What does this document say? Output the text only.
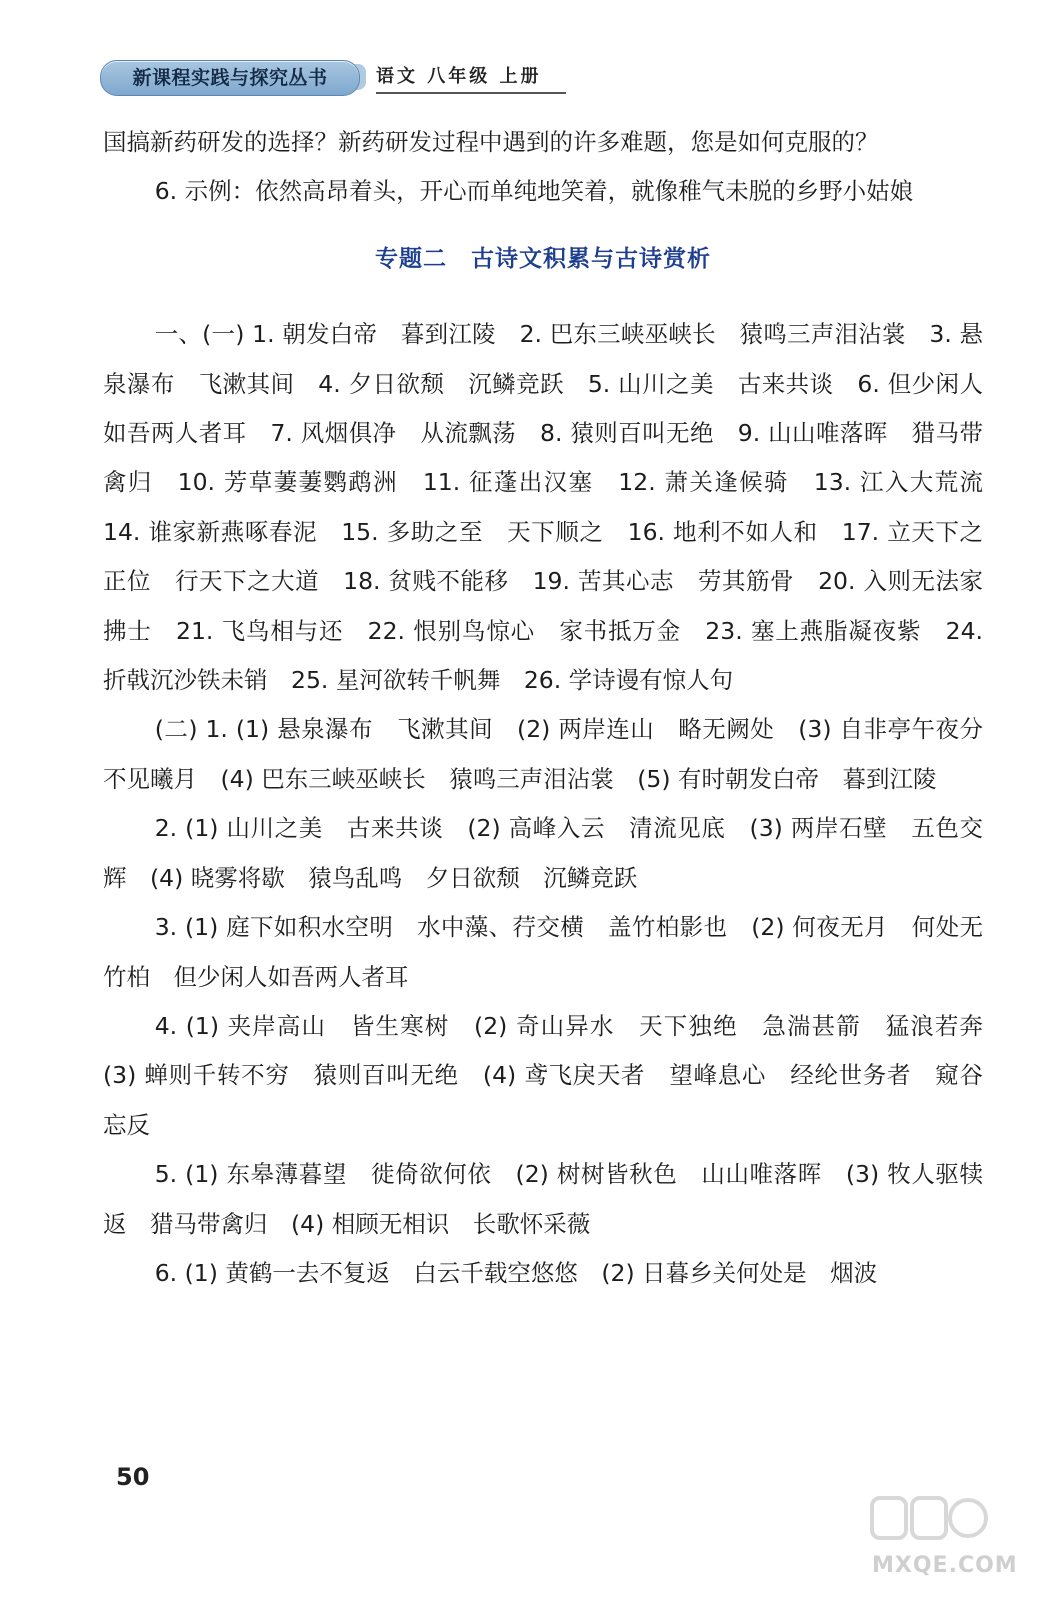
新课程实践与探究丛书	语文 八年级 上册

国搞新药研发的选择？新药研发过程中遇到的许多难题，您是如何克服的？

6. 示例：依然高昂着头，开心而单纯地笑着，就像稚气未脱的乡野小姑娘

专题二　古诗文积累与古诗赏析

一、(一) 1. 朝发白帝　暮到江陵　2. 巴东三峡巫峡长　猿鸣三声泪沾裳　3. 悬泉瀑布　飞漱其间　4. 夕日欲颓　沉鳞竞跃　5. 山川之美　古来共谈　6. 但少闲人如吾两人者耳　7. 风烟俱净　从流飘荡　8. 猿则百叫无绝　9. 山山唯落晖　猎马带禽归　10. 芳草萋萋鹦鹉洲　11. 征蓬出汉塞　12. 萧关逢候骑　13. 江入大荒流　14. 谁家新燕啄春泥　15. 多助之至　天下顺之　16. 地利不如人和　17. 立天下之正位　行天下之大道　18. 贫贱不能移　19. 苦其心志　劳其筋骨　20. 入则无法家拂士　21. 飞鸟相与还　22. 恨别鸟惊心　家书抵万金　23. 塞上燕脂凝夜紫　24. 折戟沉沙铁未销　25. 星河欲转千帆舞　26. 学诗谩有惊人句

(二) 1. (1) 悬泉瀑布　飞漱其间　(2) 两岸连山　略无阙处　(3) 自非亭午夜分　不见曦月　(4) 巴东三峡巫峡长　猿鸣三声泪沾裳　(5) 有时朝发白帝　暮到江陵

2. (1) 山川之美　古来共谈　(2) 高峰入云　清流见底　(3) 两岸石壁　五色交辉　(4) 晓雾将歇　猿鸟乱鸣　夕日欲颓　沉鳞竞跃

3. (1) 庭下如积水空明　水中藻、荇交横　盖竹柏影也　(2) 何夜无月　何处无竹柏　但少闲人如吾两人者耳

4. (1) 夹岸高山　皆生寒树　(2) 奇山异水　天下独绝　急湍甚箭　猛浪若奔　(3) 蝉则千转不穷　猿则百叫无绝　(4) 鸢飞戾天者　望峰息心　经纶世务者　窥谷忘反

5. (1) 东皋薄暮望　徙倚欲何依　(2) 树树皆秋色　山山唯落晖　(3) 牧人驱犊返　猎马带禽归　(4) 相顾无相识　长歌怀采薇

6. (1) 黄鹤一去不复返　白云千载空悠悠　(2) 日暮乡关何处是　烟波

50
MXQE.COM
